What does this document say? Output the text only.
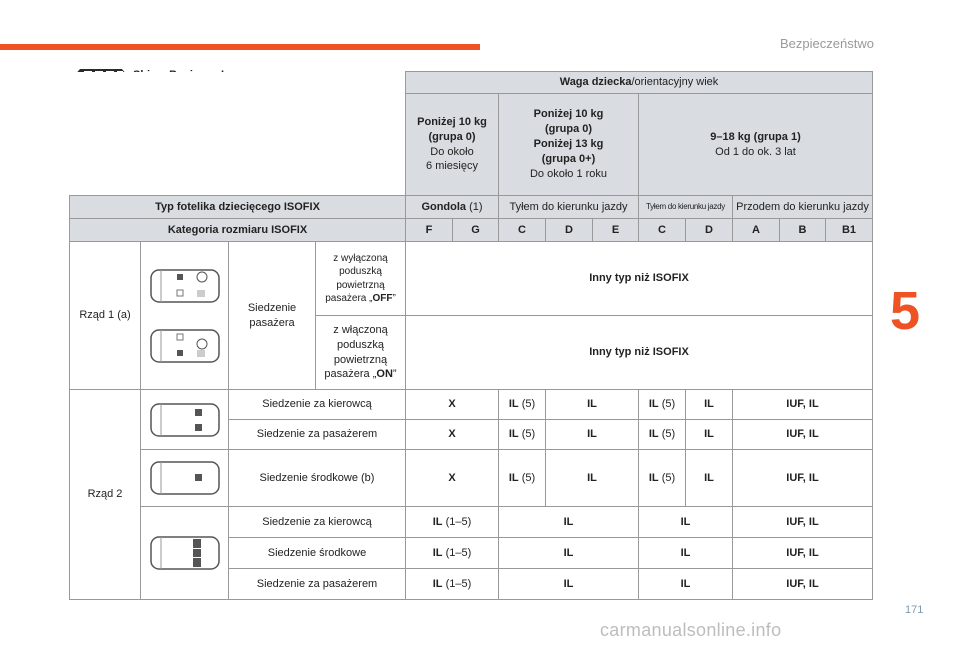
Bezpieczeństwo
5
171
carmanualsonline.info
				Waga dziecka/orientacyjny wiek									
				Poniżej 10 kg
(grupa 0)
Do około
6 miesięcy		Poniżej 10 kg
(grupa 0)
Poniżej 13 kg
(grupa 0+)
Do około 1 roku			9–18 kg (grupa 1)
Od 1 do ok. 3 lat				
Typ fotelika dziecięcego ISOFIX				Gondola (1)		Tyłem do kierunku jazdy			Tyłem do kierunku jazdy		Przodem do kierunku jazdy		
Kategoria rozmiaru ISOFIX				F	G	C	D	E	C	D	A	B	B1
Rząd 1 (a)		Siedzenie pasażera	z wyłączoną poduszką powietrzną pasażera „OFF”	Inny typ niż ISOFIX									
			z włączoną poduszką powietrzną pasażera „ON”	Inny typ niż ISOFIX									
Rząd 2		Siedzenie za kierowcą		X		IL (5)	IL		IL (5)	IL	IUF, IL		
		Siedzenie za pasażerem		X		IL (5)	IL		IL (5)	IL	IUF, IL		

	Siedzenie środkowe (b)		X		IL (5)	IL		IL (5)	IL	IUF, IL		

	Siedzenie za kierowcą		IL (1–5)		IL			IL		IUF, IL		
		Siedzenie środkowe		IL (1–5)		IL			IL		IUF, IL		
		Siedzenie za pasażerem		IL (1–5)		IL			IL		IUF, IL		
